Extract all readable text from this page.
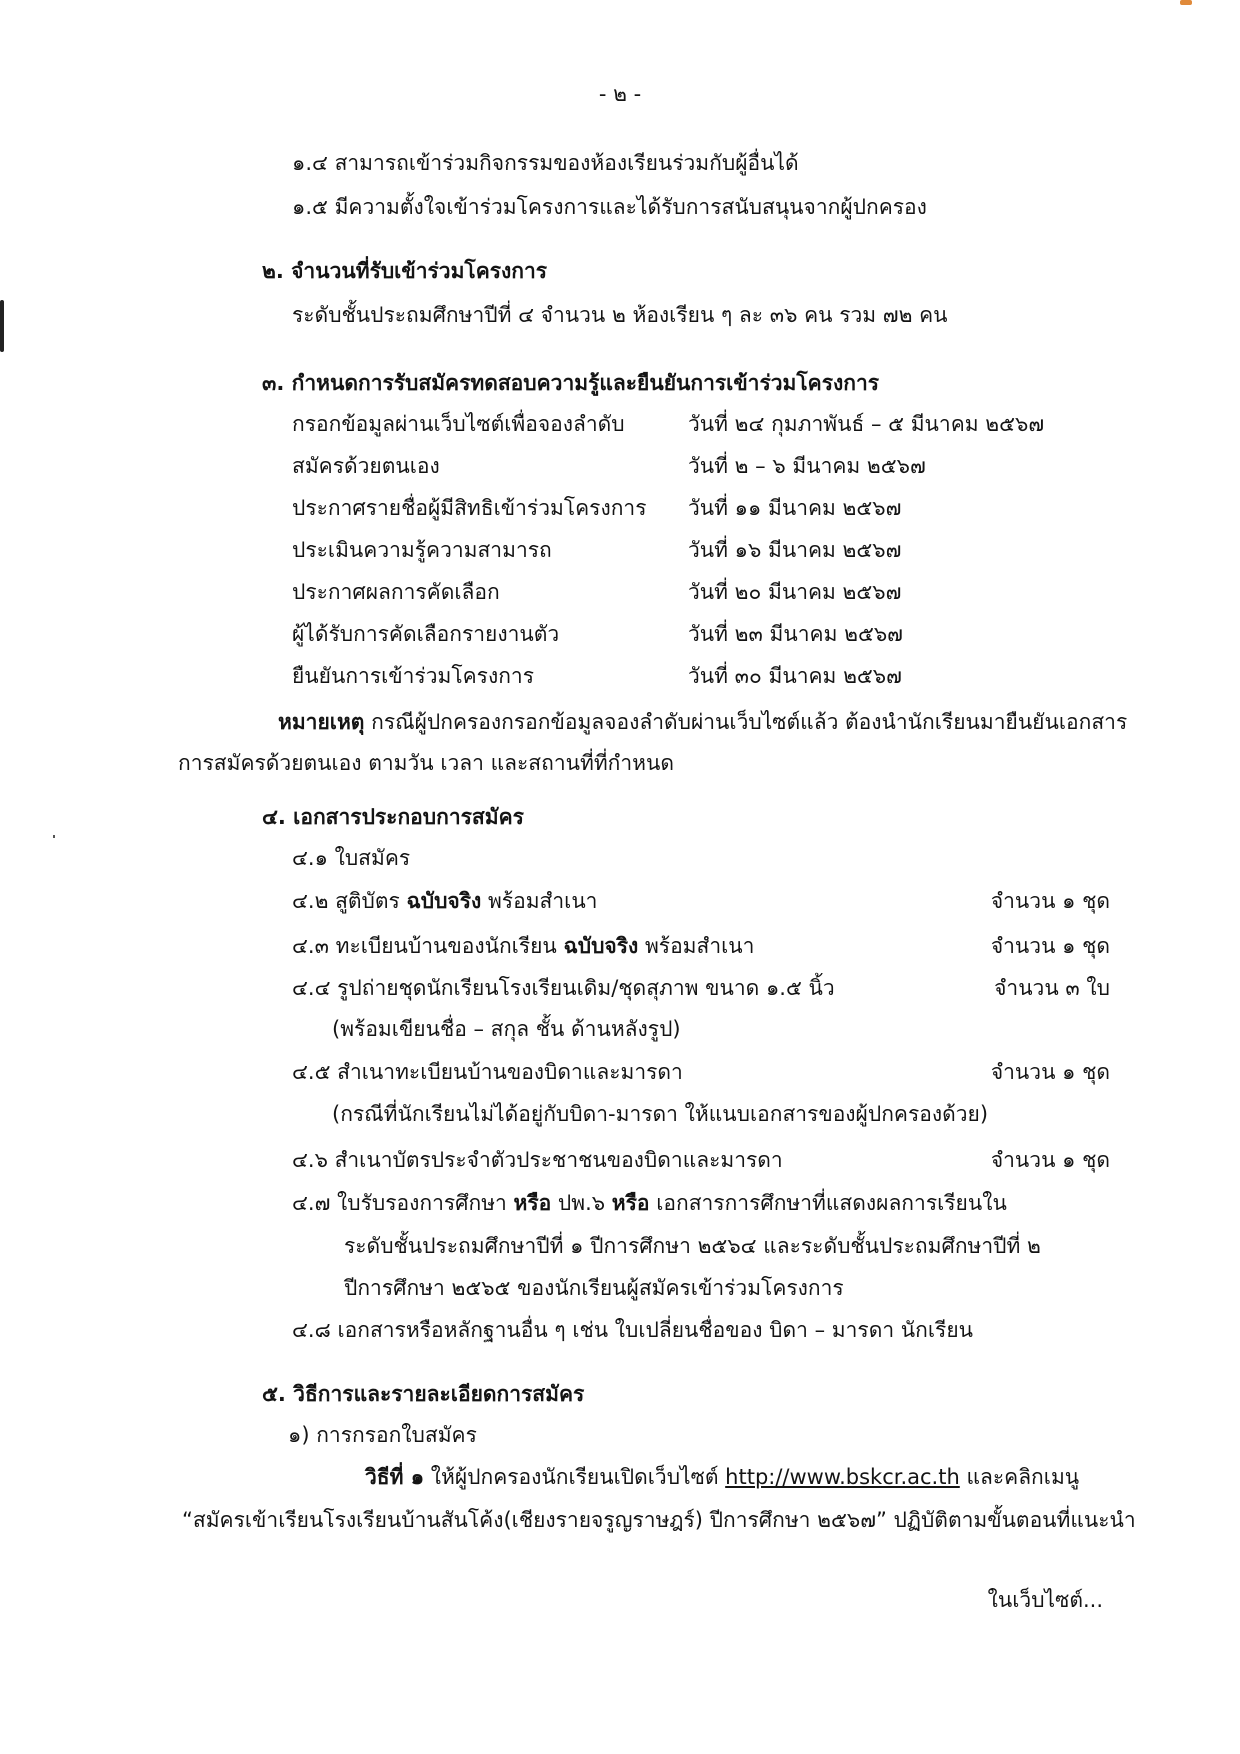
- ๒ -
๑.๔ สามารถเข้าร่วมกิจกรรมของห้องเรียนร่วมกับผู้อื่นได้
๑.๕ มีความตั้งใจเข้าร่วมโครงการและได้รับการสนับสนุนจากผู้ปกครอง
๒. จำนวนที่รับเข้าร่วมโครงการ
ระดับชั้นประถมศึกษาปีที่ ๔ จำนวน ๒ ห้องเรียน ๆ ละ ๓๖ คน รวม ๗๒ คน
๓. กำหนดการรับสมัครทดสอบความรู้และยืนยันการเข้าร่วมโครงการ
กรอกข้อมูลผ่านเว็บไซต์เพื่อจองลำดับ	วันที่ ๒๔ กุมภาพันธ์ – ๕ มีนาคม ๒๕๖๗
สมัครด้วยตนเอง	วันที่ ๒ – ๖ มีนาคม ๒๕๖๗
ประกาศรายชื่อผู้มีสิทธิเข้าร่วมโครงการ วันที่ ๑๑ มีนาคม ๒๕๖๗
ประเมินความรู้ความสามารถ	วันที่ ๑๖ มีนาคม ๒๕๖๗
ประกาศผลการคัดเลือก	วันที่ ๒๐ มีนาคม ๒๕๖๗
ผู้ได้รับการคัดเลือกรายงานตัว	วันที่ ๒๓ มีนาคม ๒๕๖๗
ยืนยันการเข้าร่วมโครงการ	วันที่ ๓๐ มีนาคม ๒๕๖๗
หมายเหตุ กรณีผู้ปกครองกรอกข้อมูลจองลำดับผ่านเว็บไซต์แล้ว ต้องนำนักเรียนมายืนยันเอกสาร
การสมัครด้วยตนเอง ตามวัน เวลา และสถานที่ที่กำหนด
๔. เอกสารประกอบการสมัคร
๔.๑ ใบสมัคร
๔.๒ สูติบัตร ฉบับจริง พร้อมสำเนา	จำนวน ๑ ชุด
๔.๓ ทะเบียนบ้านของนักเรียน ฉบับจริง พร้อมสำเนา	จำนวน ๑ ชุด
๔.๔ รูปถ่ายชุดนักเรียนโรงเรียนเดิม/ชุดสุภาพ ขนาด ๑.๕ นิ้ว	จำนวน ๓ ใบ
(พร้อมเขียนชื่อ – สกุล ชั้น ด้านหลังรูป)
๔.๕ สำเนาทะเบียนบ้านของบิดาและมารดา	จำนวน ๑ ชุด
(กรณีที่นักเรียนไม่ได้อยู่กับบิดา-มารดา ให้แนบเอกสารของผู้ปกครองด้วย)
๔.๖ สำเนาบัตรประจำตัวประชาชนของบิดาและมารดา	จำนวน ๑ ชุด
๔.๗ ใบรับรองการศึกษา หรือ ปพ.๖ หรือ เอกสารการศึกษาที่แสดงผลการเรียนใน
ระดับชั้นประถมศึกษาปีที่ ๑ ปีการศึกษา ๒๕๖๔ และระดับชั้นประถมศึกษาปีที่ ๒
ปีการศึกษา ๒๕๖๕ ของนักเรียนผู้สมัครเข้าร่วมโครงการ
๔.๘ เอกสารหรือหลักฐานอื่น ๆ เช่น ใบเปลี่ยนชื่อของ บิดา – มารดา นักเรียน
๕. วิธีการและรายละเอียดการสมัคร
๑) การกรอกใบสมัคร
วิธีที่ ๑ ให้ผู้ปกครองนักเรียนเปิดเว็บไซต์ http://www.bskcr.ac.th และคลิกเมนู
“สมัครเข้าเรียนโรงเรียนบ้านสันโค้ง(เชียงรายจรูญราษฎร์) ปีการศึกษา ๒๕๖๗” ปฏิบัติตามขั้นตอนที่แนะนำ
ในเว็บไซต์...
